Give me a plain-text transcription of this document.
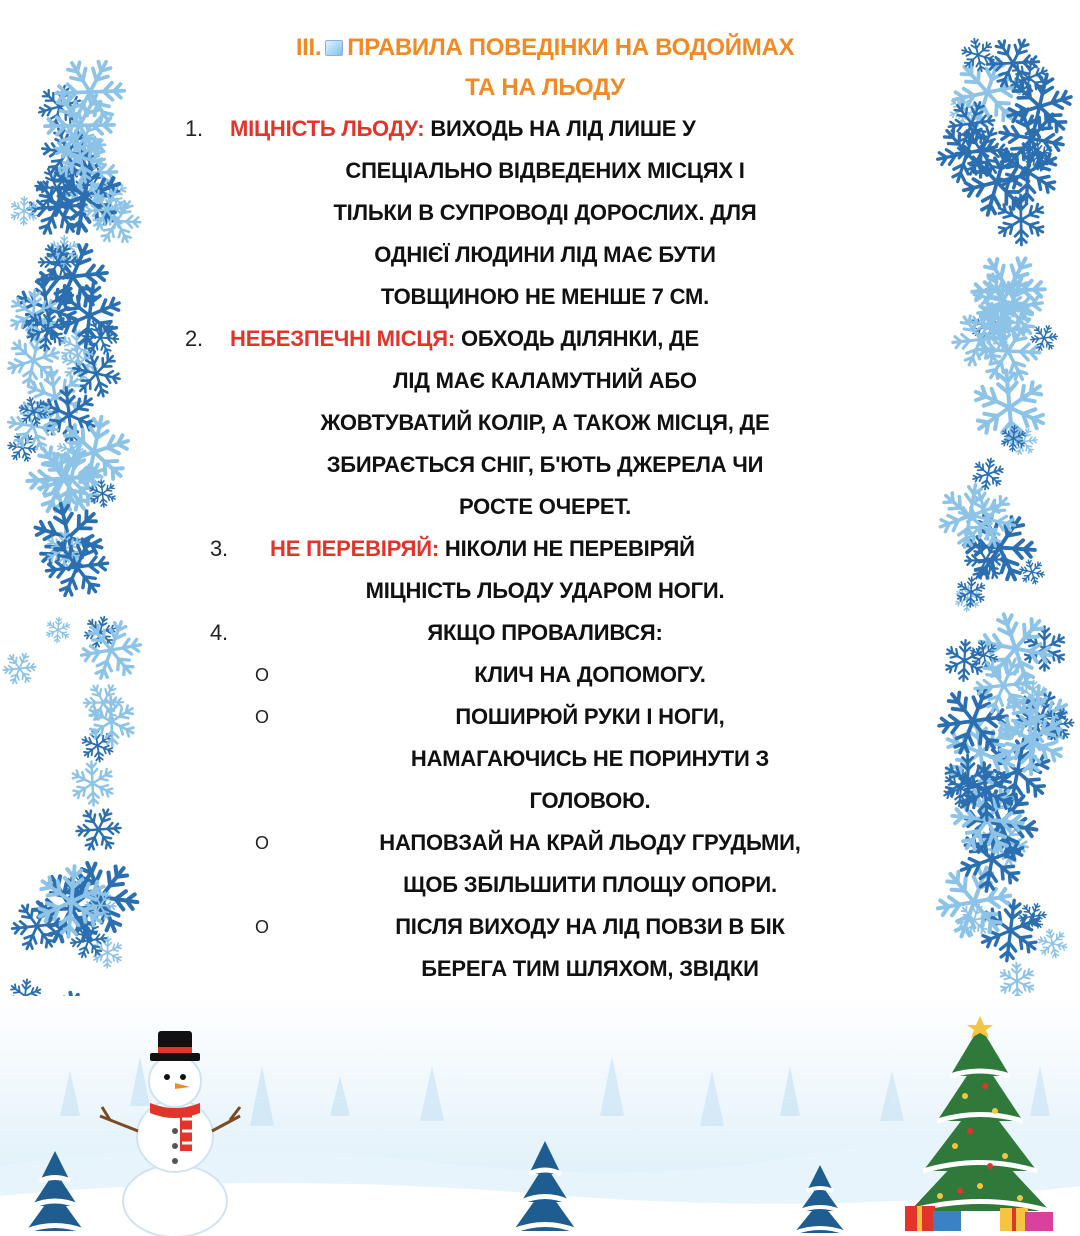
III. ПРАВИЛА ПОВЕДІНКИ НА ВОДОЙМАХ
ТА НА ЛЬОДУ
1.	МІЦНІСТЬ ЛЬОДУ: ВИХОДЬ НА ЛІД ЛИШЕ У
СПЕЦІАЛЬНО ВІДВЕДЕНИХ МІСЦЯХ І
ТІЛЬКИ В СУПРОВОДІ ДОРОСЛИХ. ДЛЯ
ОДНІЄЇ ЛЮДИНИ ЛІД МАЄ БУТИ
ТОВЩИНОЮ НЕ МЕНШЕ 7 СМ.
2.	НЕБЕЗПЕЧНІ МІСЦЯ: ОБХОДЬ ДІЛЯНКИ, ДЕ
ЛІД МАЄ КАЛАМУТНИЙ АБО
ЖОВТУВАТИЙ КОЛІР, А ТАКОЖ МІСЦЯ, ДЕ
ЗБИРАЄТЬСЯ СНІГ, Б'ЮТЬ ДЖЕРЕЛА ЧИ
РОСТЕ ОЧЕРЕТ.
3.	НЕ ПЕРЕВІРЯЙ: НІКОЛИ НЕ ПЕРЕВІРЯЙ
МІЦНІСТЬ ЛЬОДУ УДАРОМ НОГИ.
4.	ЯКЩО ПРОВАЛИВСЯ:
O	КЛИЧ НА ДОПОМОГУ.
O	ПОШИРЮЙ РУКИ І НОГИ,
НАМАГАЮЧИСЬ НЕ ПОРИНУТИ З
ГОЛОВОЮ.
O	НАПОВЗАЙ НА КРАЙ ЛЬОДУ ГРУДЬМИ,
ЩОБ ЗБІЛЬШИТИ ПЛОЩУ ОПОРИ.
O	ПІСЛЯ ВИХОДУ НА ЛІД ПОВЗИ В БІК
БЕРЕГА ТИМ ШЛЯХОМ, ЗВІДКИ
